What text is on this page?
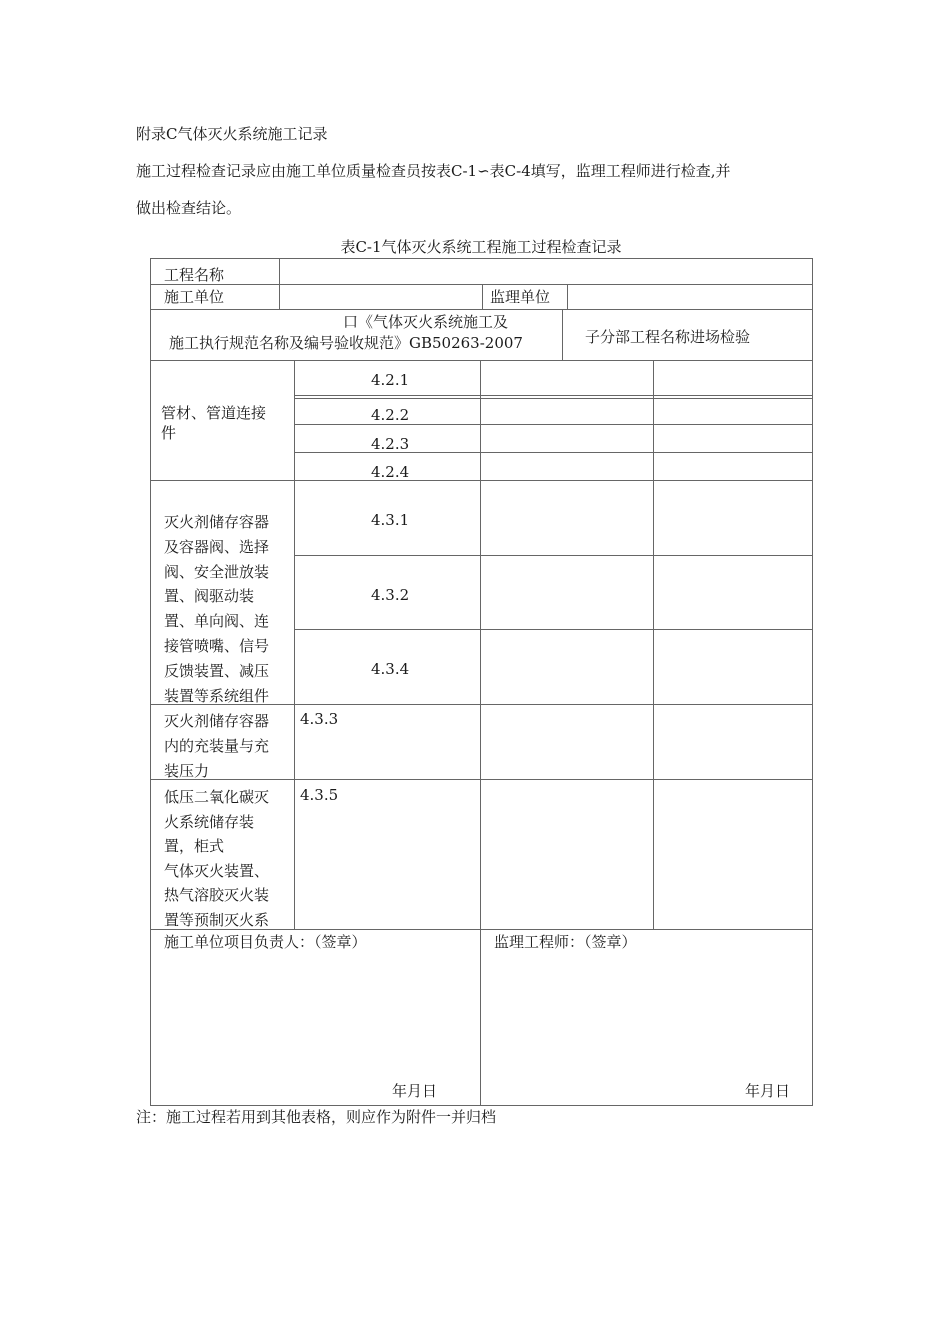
附录C气体灭火系统施工记录
施工过程检查记录应由施工单位质量检查员按表C-1∽表C-4填写，监理工程师进行检查,并
做出检查结论。
表C-1气体灭火系统工程施工过程检查记录
工程名称
施工单位	监理单位
口《气体灭火系统施工及
施工执行规范名称及编号验收规范》GB50263-2007	子分部工程名称进场检验
管材、管道连接
件
4.2.1
4.2.2
4.2.3
4.2.4
灭火剂储存容器
及容器阀、选择
阀、安全泄放装
置、阀驱动装
置、单向阀、连
接管喷嘴、信号
反馈装置、减压
装置等系统组件
4.3.1
4.3.2
4.3.4
灭火剂储存容器
内的充装量与充
装压力
4.3.3
低压二氧化碳灭
火系统储存装
置，柜式
气体灭火装置、
热气溶胶灭火装
置等预制灭火系
4.3.5
施工单位项目负责人：（签章）
年月日
监理工程师：（签章）
年月日
注：施工过程若用到其他表格，则应作为附件一并归档
